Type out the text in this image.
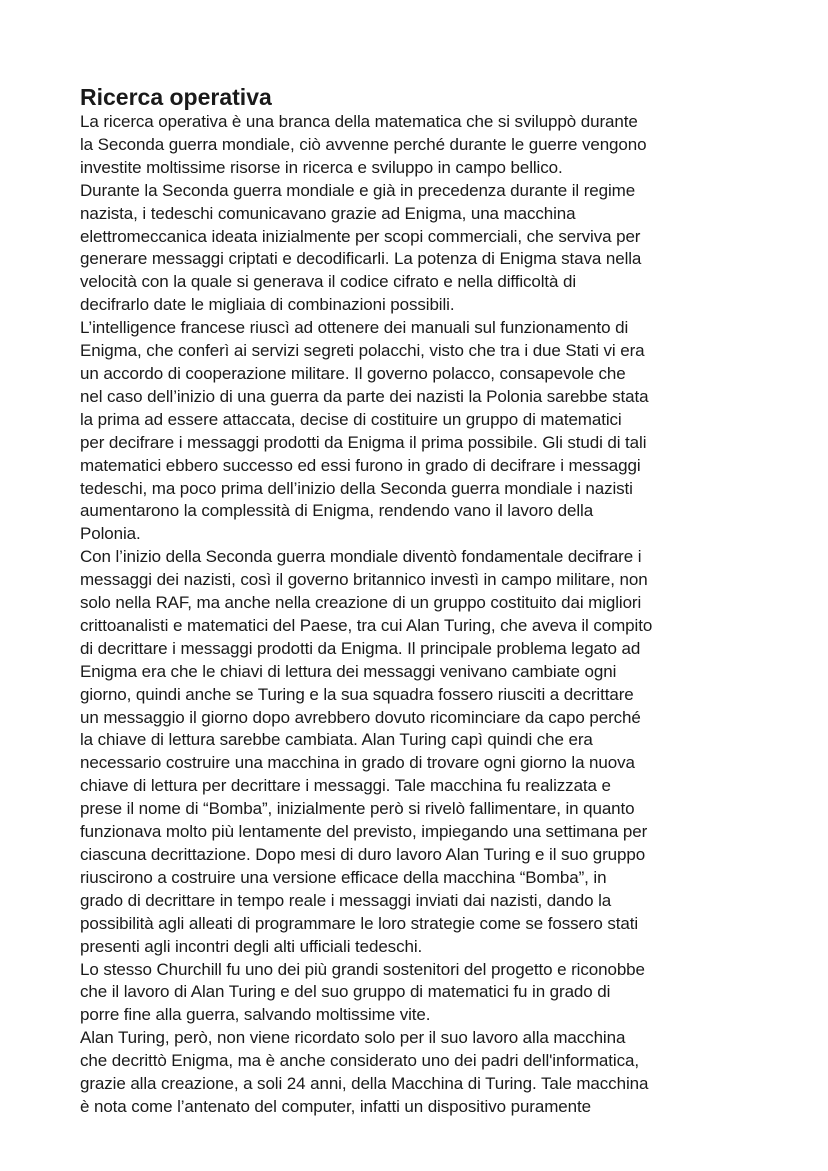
Ricerca operativa

La ricerca operativa è una branca della matematica che si sviluppò durante
la Seconda guerra mondiale, ciò avvenne perché durante le guerre vengono
investite moltissime risorse in ricerca e sviluppo in campo bellico.

Durante la Seconda guerra mondiale e già in precedenza durante il regime
nazista, i tedeschi comunicavano grazie ad Enigma, una macchina
elettromeccanica ideata inizialmente per scopi commerciali, che serviva per
generare messaggi criptati e decodificarli. La potenza di Enigma stava nella
velocità con la quale si generava il codice cifrato e nella difficoltà di
decifrarlo date le migliaia di combinazioni possibili.

L’intelligence francese riuscì ad ottenere dei manuali sul funzionamento di
Enigma, che conferì ai servizi segreti polacchi, visto che tra i due Stati vi era
un accordo di cooperazione militare. Il governo polacco, consapevole che
nel caso dell’inizio di una guerra da parte dei nazisti la Polonia sarebbe stata
la prima ad essere attaccata, decise di costituire un gruppo di matematici
per decifrare i messaggi prodotti da Enigma il prima possibile. Gli studi di tali
matematici ebbero successo ed essi furono in grado di decifrare i messaggi
tedeschi, ma poco prima dell’inizio della Seconda guerra mondiale i nazisti
aumentarono la complessità di Enigma, rendendo vano il lavoro della
Polonia.

Con l’inizio della Seconda guerra mondiale diventò fondamentale decifrare i
messaggi dei nazisti, così il governo britannico investì in campo militare, non
solo nella RAF, ma anche nella creazione di un gruppo costituito dai migliori
crittoanalisti e matematici del Paese, tra cui Alan Turing, che aveva il compito
di decrittare i messaggi prodotti da Enigma. Il principale problema legato ad
Enigma era che le chiavi di lettura dei messaggi venivano cambiate ogni
giorno, quindi anche se Turing e la sua squadra fossero riusciti a decrittare
un messaggio il giorno dopo avrebbero dovuto ricominciare da capo perché
la chiave di lettura sarebbe cambiata. Alan Turing capì quindi che era
necessario costruire una macchina in grado di trovare ogni giorno la nuova
chiave di lettura per decrittare i messaggi. Tale macchina fu realizzata e
prese il nome di “Bomba”, inizialmente però si rivelò fallimentare, in quanto
funzionava molto più lentamente del previsto, impiegando una settimana per
ciascuna decrittazione. Dopo mesi di duro lavoro Alan Turing e il suo gruppo
riuscirono a costruire una versione efficace della macchina “Bomba”, in
grado di decrittare in tempo reale i messaggi inviati dai nazisti, dando la
possibilità agli alleati di programmare le loro strategie come se fossero stati
presenti agli incontri degli alti ufficiali tedeschi.

Lo stesso Churchill fu uno dei più grandi sostenitori del progetto e riconobbe
che il lavoro di Alan Turing e del suo gruppo di matematici fu in grado di
porre fine alla guerra, salvando moltissime vite.

Alan Turing, però, non viene ricordato solo per il suo lavoro alla macchina
che decrittò Enigma, ma è anche considerato uno dei padri dell'informatica,
grazie alla creazione, a soli 24 anni, della Macchina di Turing. Tale macchina
è nota come l’antenato del computer, infatti un dispositivo puramente
